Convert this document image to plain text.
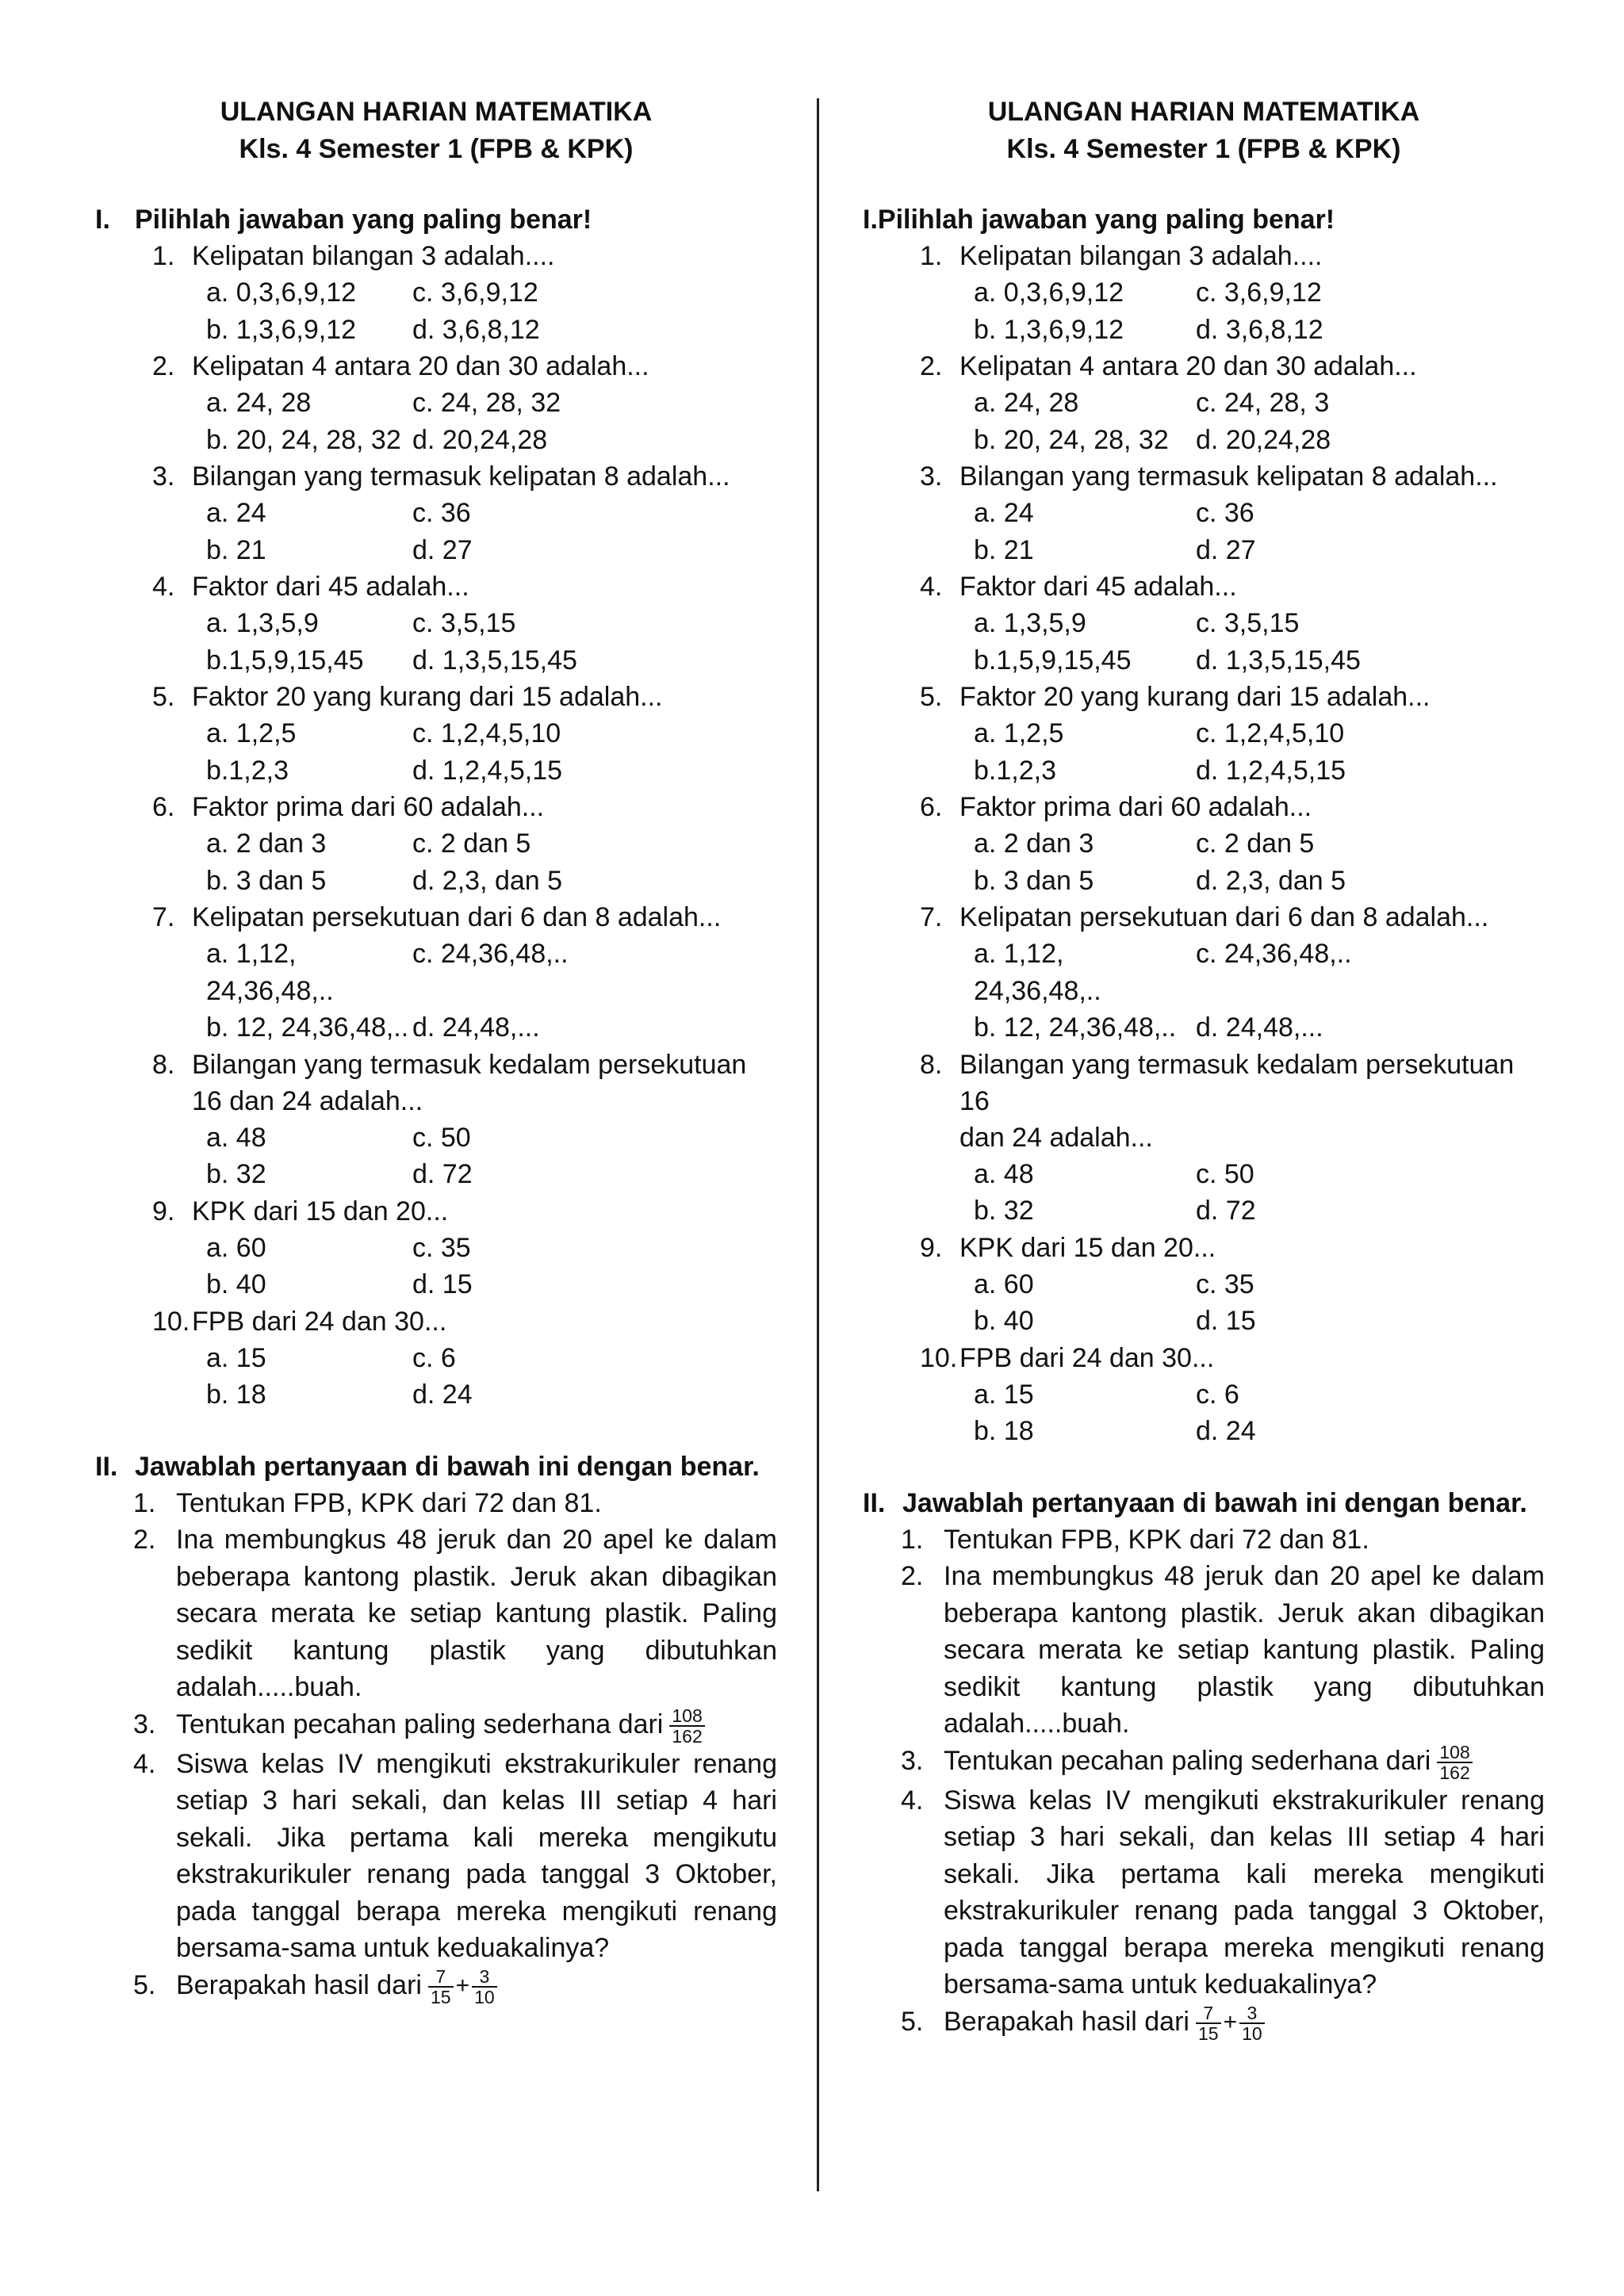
ULANGAN HARIAN MATEMATIKA
Kls. 4 Semester 1 (FPB & KPK)
I. Pilihlah jawaban yang paling benar!
1. Kelipatan bilangan 3 adalah....
a. 0,3,6,9,12	c. 3,6,9,12
b. 1,3,6,9,12	d. 3,6,8,12
2. Kelipatan 4 antara 20 dan 30 adalah...
a. 24, 28	c. 24, 28, 32
b. 20, 24, 28, 32 d. 20,24,28
3. Bilangan yang termasuk kelipatan 8 adalah...
a. 24	c. 36
b. 21	d. 27
4. Faktor dari 45 adalah...
a. 1,3,5,9	c. 3,5,15
b.1,5,9,15,45	d. 1,3,5,15,45
5. Faktor 20 yang kurang dari 15 adalah...
a. 1,2,5	c. 1,2,4,5,10
b.1,2,3	d. 1,2,4,5,15
6. Faktor prima dari 60 adalah...
a. 2 dan 3	c. 2 dan 5
b. 3 dan 5	d. 2,3, dan 5
7. Kelipatan persekutuan dari 6 dan 8 adalah...
a. 1,12, 24,36,48,..
c. 24,36,48,..
b. 12, 24,36,48,.. d. 24,48,...
8. Bilangan yang termasuk kedalam persekutuan
16 dan 24 adalah...
a. 48	c. 50
b. 32	d. 72
9. KPK dari 15 dan 20...
a. 60	c. 35
b. 40	d. 15
10. FPB dari 24 dan 30...
a. 15	c. 6
b. 18	d. 24
II. Jawablah pertanyaan di bawah ini dengan benar.
1. Tentukan FPB, KPK dari 72 dan 81.
2. Ina membungkus 48 jeruk dan 20 apel ke dalam beberapa kantong plastik. Jeruk akan dibagikan secara merata ke setiap kantung plastik. Paling sedikit kantung plastik yang dibutuhkan adalah.....buah.
3. Tentukan pecahan paling sederhana dari $\frac{108}{162}$
4. Siswa kelas IV mengikuti ekstrakurikuler renang setiap 3 hari sekali, dan kelas III setiap 4 hari sekali. Jika pertama kali mereka mengikutu ekstrakurikuler renang pada tanggal 3 Oktober, pada tanggal berapa mereka mengikuti renang bersama-sama untuk keduakalinya?
5. Berapakah hasil dari $\frac{7}{15} + \frac{3}{10}$
ULANGAN HARIAN MATEMATIKA
Kls. 4 Semester 1 (FPB & KPK)
I.Pilihlah jawaban yang paling benar!
1. Kelipatan bilangan 3 adalah....
a. 0,3,6,9,12	c. 3,6,9,12
b. 1,3,6,9,12	d. 3,6,8,12
2. Kelipatan 4 antara 20 dan 30 adalah...
a. 24, 28	c. 24, 28, 3
b. 20, 24, 28, 32	d. 20,24,28
3. Bilangan yang termasuk kelipatan 8 adalah...
a. 24	c. 36
b. 21	d. 27
4. Faktor dari 45 adalah...
a. 1,3,5,9	c. 3,5,15
b.1,5,9,15,45	d. 1,3,5,15,45
5. Faktor 20 yang kurang dari 15 adalah...
a. 1,2,5	c. 1,2,4,5,10
b.1,2,3	d. 1,2,4,5,15
6. Faktor prima dari 60 adalah...
a. 2 dan 3	c. 2 dan 5
b. 3 dan 5	d. 2,3, dan 5
7. Kelipatan persekutuan dari 6 dan 8 adalah...
a. 1,12, 24,36,48,..
c. 24,36,48,..
b. 12, 24,36,48,.. d. 24,48,...
8. Bilangan yang termasuk kedalam persekutuan 16
dan 24 adalah...
a. 48	c. 50
b. 32	d. 72
9. KPK dari 15 dan 20...
a. 60	c. 35
b. 40	d. 15
10. FPB dari 24 dan 30...
a. 15	c. 6
b. 18	d. 24
II. Jawablah pertanyaan di bawah ini dengan benar.
1. Tentukan FPB, KPK dari 72 dan 81.
2. Ina membungkus 48 jeruk dan 20 apel ke dalam beberapa kantong plastik. Jeruk akan dibagikan secara merata ke setiap kantung plastik. Paling sedikit kantung plastik yang dibutuhkan adalah.....buah.
3. Tentukan pecahan paling sederhana dari $\frac{108}{162}$
4. Siswa kelas IV mengikuti ekstrakurikuler renang setiap 3 hari sekali, dan kelas III setiap 4 hari sekali. Jika pertama kali mereka mengikuti ekstrakurikuler renang pada tanggal 3 Oktober, pada tanggal berapa mereka mengikuti renang bersama-sama untuk keduakalinya?
5. Berapakah hasil dari $\frac{7}{15} + \frac{3}{10}$
